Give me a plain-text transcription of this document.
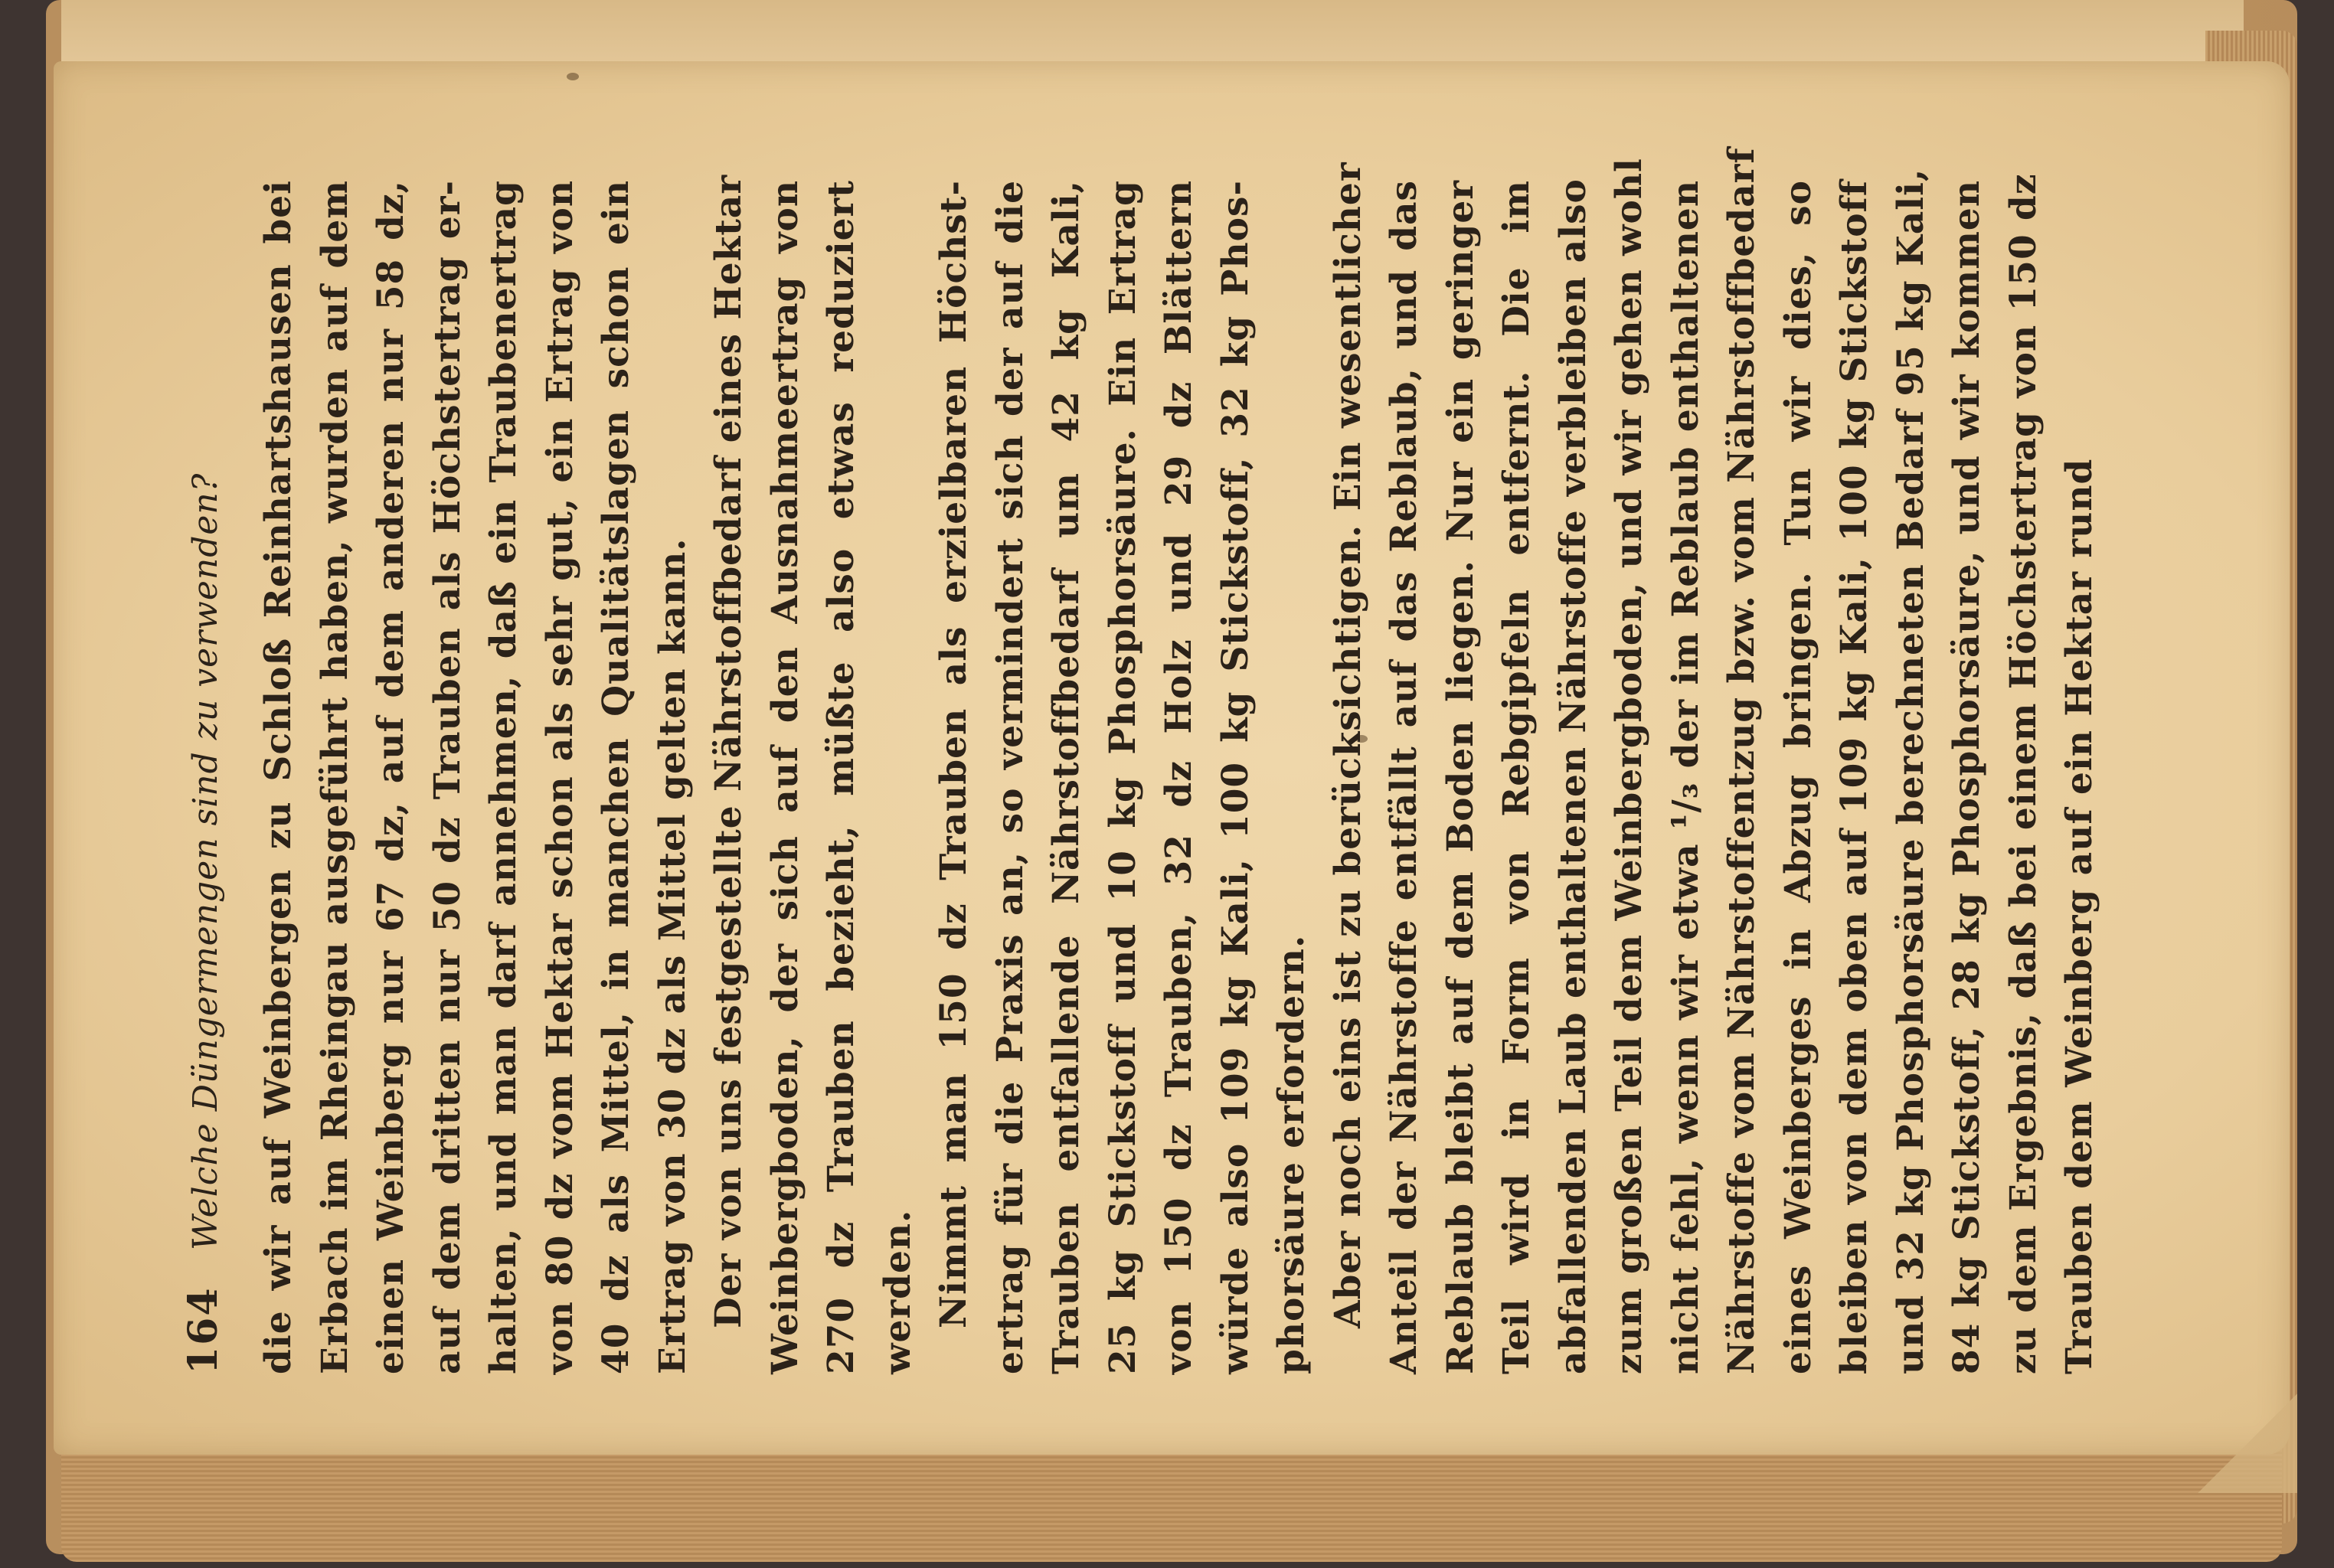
164
Welche Düngermengen sind zu verwenden? die wir auf Weinbergen zu Schloß Reinhartshausen bei Erbach im Rheingau ausgeführt haben, wurden auf dem einen Weinberg nur 67 dz, auf dem anderen nur 58 dz, auf dem dritten nur 50 dz Trauben als Höchstertrag er- halten, und man darf annehmen, daß ein Traubenertrag von 80 dz vom Hektar schon als sehr gut, ein Ertrag von 40 dz als Mittel, in manchen Qualitätslagen schon ein Ertrag von 30 dz als Mittel gelten kann. Der von uns festgestellte Nährstoffbedarf eines Hektar Weinbergboden, der sich auf den Ausnahmeertrag von 270 dz Trauben bezieht, müßte also etwas reduziert werden. Nimmt man 150 dz Trauben als erzielbaren Höchst- ertrag für die Praxis an, so vermindert sich der auf die Trauben entfallende Nährstoffbedarf um 42 kg Kali, 25 kg Stickstoff und 10 kg Phosphorsäure. Ein Ertrag von 150 dz Trauben, 32 dz Holz und 29 dz Blättern würde also 109 kg Kali, 100 kg Stickstoff, 32 kg Phos- phorsäure erfordern. Aber noch eins ist zu berücksichtigen. Ein wesentlicher Anteil der Nährstoffe entfällt auf das Reblaub, und das Reblaub bleibt auf dem Boden liegen. Nur ein geringer Teil wird in Form von Rebgipfeln entfernt. Die im abfallenden Laub enthaltenen Nährstoffe verbleiben also zum großen Teil dem Weinbergboden, und wir gehen wohl nicht fehl, wenn wir etwa ¹/₃ der im Reblaub enthaltenen Nährstoffe vom Nährstoffentzug bzw. vom Nährstoffbedarf eines Weinberges in Abzug bringen. Tun wir dies, so bleiben von dem oben auf 109 kg Kali, 100 kg Stickstoff und 32 kg Phosphorsäure berechneten Bedarf 95 kg Kali, 84 kg Stickstoff, 28 kg Phosphorsäure, und wir kommen zu dem Ergebnis, daß bei einem Höchstertrag von 150 dz Trauben dem Weinberg auf ein Hektar rund
